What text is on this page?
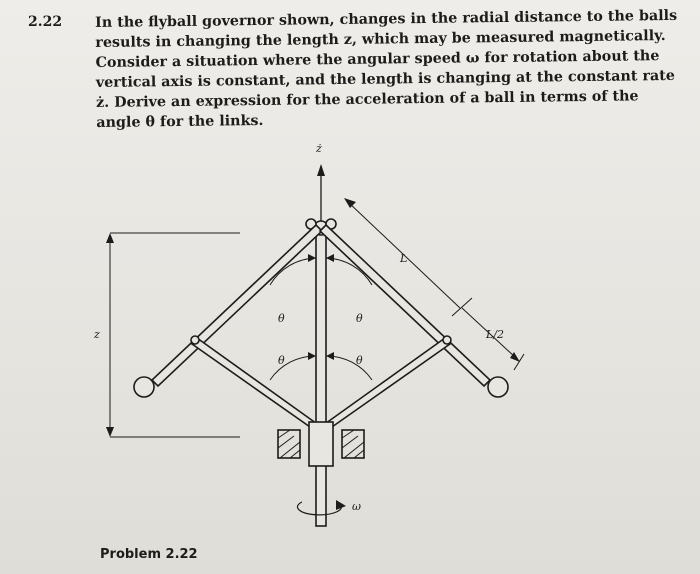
2.22 In the flyball governor shown, changes in the radial distance to the balls results in changing the length z, which may be measured magnetically. Consider a situation where the angular speed ω for rotation about the vertical axis is constant, and the length is changing at the constant rate ż. Derive an expression for the acceleration of a ball in terms of the angle θ for the links.
ż
z
L
L/2
θ	θ
θ	θ
ω
Problem 2.22
